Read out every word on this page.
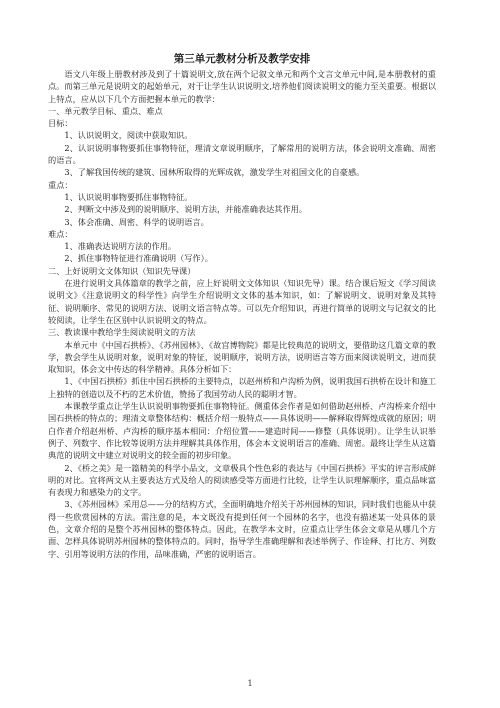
第三单元教材分析及教学安排

语文八年级上册教材涉及到了十篇说明文,放在两个记叙文单元和两个文言文单元中间,是本册教材的重点。而第三单元是说明文的起始单元，对于让学生认识说明文,培养他们阅读说明文的能力至关重要。根据以上特点，应从以下几个方面把握本单元的教学：

一、单元教学目标、重点、难点

目标：

1、认识说明文，阅读中获取知识。

2、认识说明事物要抓住事物特征，理清文章说明顺序，了解常用的说明方法，体会说明文准确、周密的语言。

3、了解我国传统的建筑、园林所取得的光辉成就，激发学生对祖国文化的自豪感。

重点：

1、认识说明事物要抓住事物特征。

2、判断文中涉及到的说明顺序、说明方法，并能准确表达其作用。

3、体会准确、周密、科学的说明语言。

难点：

1、准确表达说明方法的作用。

2、抓住事物特征进行准确说明（写作）。

二、上好说明文文体知识（知识先导课）

在进行说明文具体篇章的教学之前，应上好说明文文体知识（知识先导）课。结合课后短文《学习阅读说明文》《注意说明文的科学性》向学生介绍说明文文体的基本知识，如：了解说明文、说明对象及其特征、说明顺序、常见的说明方法、说明文语言特点等。可以先介绍知识，再进行简单的说明文与记叙文的比较阅读，让学生在区别中认识说明文的特点。

三、教读课中教给学生阅读说明文的方法

本单元中《中国石拱桥》、《苏州园林》、《故宫博物院》都是比较典范的说明文，要借助这几篇文章的教学，教会学生从说明对象，说明对象的特征，说明顺序，说明方法，说明语言等方面来阅读说明文，进而获取知识，体会文中传达的科学精神。具体分析如下：

1、《中国石拱桥》抓住中国石拱桥的主要特点，以赵州桥和卢沟桥为例，说明我国石拱桥在设计和施工上独特的创造以及不朽的艺术价值，赞扬了我国劳动人民的聪明才智。

本课教学重点让学生认识说明事物要抓住事物特征。侧重体会作者是如何借助赵州桥、卢沟桥来介绍中国石拱桥的特点的；理清文章整体结构：概括介绍一般特点——具体说明——解释取得辉煌成就的原因；明白作者介绍赵州桥、卢沟桥的顺序基本相同：介绍位置——建造时间——修整（具体说明）。让学生认识举例子、列数字、作比较等说明方法并理解其具体作用，体会本文说明语言的准确、周密。最终让学生从这篇典范的说明文中建立对说明文的较全面的初步印象。

2、《桥之美》是一篇精美的科学小品文，文章极具个性色彩的表达与《中国石拱桥》平实的评言形成鲜明的对比。宜将两文从主要表达方式及给人的阅读感受等方面进行比较，让学生认识理解顺序，重点品味富有表现力和感染力的文字。

3、《苏州园林》采用总——分的结构方式，全面明确地介绍关于苏州园林的知识，同时我们也能从中获得一些欣赏园林的方法。需注意的是，本文既没有提到任何一个园林的名字，也没有描述某一处具体的景色，文章介绍的是整个苏州园林的整体特点。因此，在教学本文时，应重点让学生体会文章是从哪几个方面、怎样具体说明苏州园林的整体特点的。同时，指导学生准确理解和表述举例子、作诠释、打比方、列数字、引用等说明方法的作用，品味准确，严密的说明语言。

1
